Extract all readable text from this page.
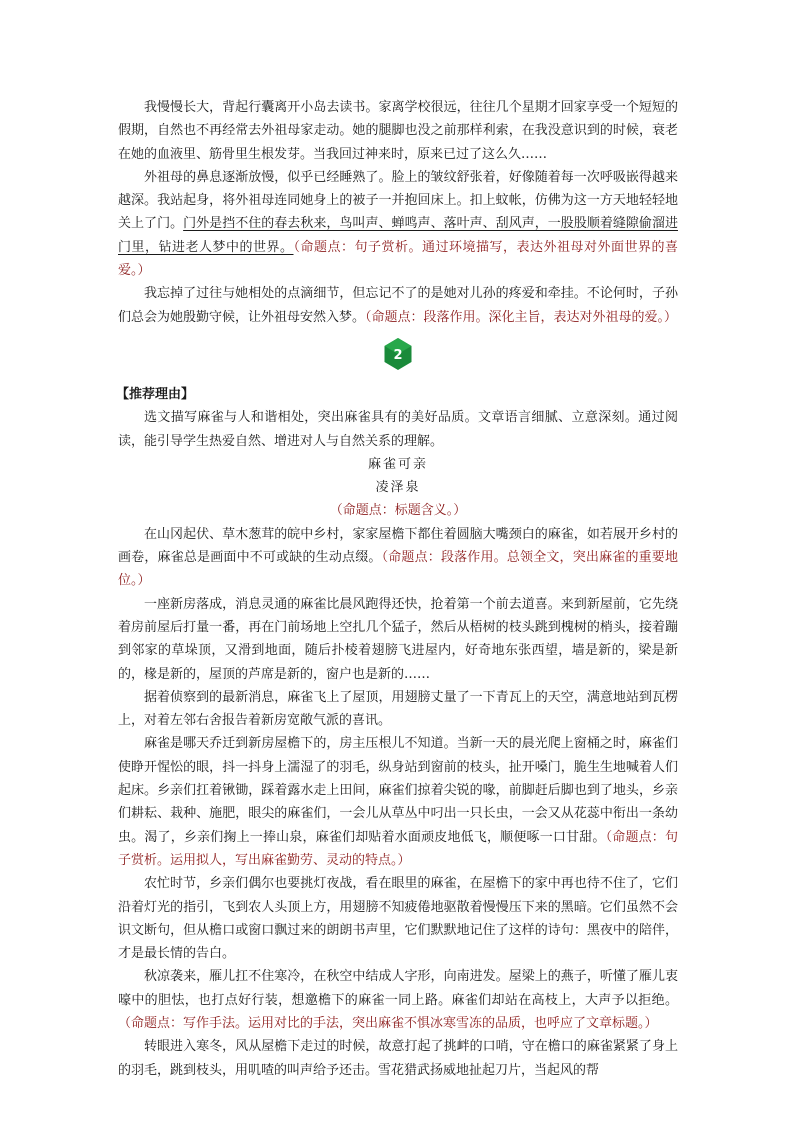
我慢慢长大，背起行囊离开小岛去读书。家离学校很远，往往几个星期才回家享受一个短短的假期，自然也不再经常去外祖母家走动。她的腿脚也没之前那样利索，在我没意识到的时候，衰老在她的血液里、筋骨里生根发芽。当我回过神来时，原来已过了这么久……

外祖母的鼻息逐渐放慢，似乎已经睡熟了。脸上的皱纹舒张着，好像随着每一次呼吸嵌得越来越深。我站起身，将外祖母连同她身上的被子一并抱回床上。扣上蚊帐，仿佛为这一方天地轻轻地关上了门。门外是挡不住的春去秋来，鸟叫声、蝉鸣声、落叶声、刮风声，一股股顺着缝隙偷溜进门里，钻进老人梦中的世界。（命题点：句子赏析。通过环境描写，表达外祖母对外面世界的喜爱。）

我忘掉了过往与她相处的点滴细节，但忘记不了的是她对儿孙的疼爱和牵挂。不论何时，子孙们总会为她殷勤守候，让外祖母安然入梦。（命题点：段落作用。深化主旨，表达对外祖母的爱。）

2

【推荐理由】

选文描写麻雀与人和谐相处，突出麻雀具有的美好品质。文章语言细腻、立意深刻。通过阅读，能引导学生热爱自然、增进对人与自然关系的理解。

麻雀可亲

凌泽泉

（命题点：标题含义。）

在山冈起伏、草木葱茸的皖中乡村，家家屋檐下都住着圆脑大嘴颈白的麻雀，如若展开乡村的画卷，麻雀总是画面中不可或缺的生动点缀。（命题点：段落作用。总领全文，突出麻雀的重要地位。）

一座新房落成，消息灵通的麻雀比晨风跑得还快，抢着第一个前去道喜。来到新屋前，它先绕着房前屋后打量一番，再在门前场地上空扎几个猛子，然后从梧树的枝头跳到槐树的梢头，接着蹦到邻家的草垛顶，又滑到地面，随后扑棱着翅膀飞进屋内，好奇地东张西望，墙是新的，梁是新的，椽是新的，屋顶的芦席是新的，窗户也是新的……

据着侦察到的最新消息，麻雀飞上了屋顶，用翅膀丈量了一下青瓦上的天空，满意地站到瓦楞上，对着左邻右舍报告着新房宽敞气派的喜讯。

麻雀是哪天乔迁到新房屋檐下的，房主压根儿不知道。当新一天的晨光爬上窗桶之时，麻雀们使睁开惺忪的眼，抖一抖身上濡湿了的羽毛，纵身站到窗前的枝头，扯开嗓门，脆生生地喊着人们起床。乡亲们扛着锹锄，踩着露水走上田间，麻雀们掠着尖锐的喙，前脚赶后脚也到了地头，乡亲们耕耘、栽种、施肥，眼尖的麻雀们，一会儿从草丛中叼出一只长虫，一会又从花蕊中衔出一条幼虫。渴了，乡亲们掬上一捧山泉，麻雀们却贴着水面顽皮地低飞，顺便啄一口甘甜。（命题点：句子赏析。运用拟人，写出麻雀勤劳、灵动的特点。）

农忙时节，乡亲们偶尔也要挑灯夜战，看在眼里的麻雀，在屋檐下的家中再也待不住了，它们沿着灯光的指引，飞到农人头顶上方，用翅膀不知疲倦地驱散着慢慢压下来的黑暗。它们虽然不会识文断句，但从檐口或窗口飘过来的朗朗书声里，它们默默地记住了这样的诗句：黑夜中的陪伴，才是最长情的告白。

秋凉袭来，雁儿扛不住寒冷，在秋空中结成人字形，向南进发。屋梁上的燕子，听懂了雁儿衷嚎中的胆怯，也打点好行装，想邀檐下的麻雀一同上路。麻雀们却站在高枝上，大声予以拒绝。（命题点：写作手法。运用对比的手法，突出麻雀不惧冰寒雪冻的品质，也呼应了文章标题。）

转眼进入寒冬，风从屋檐下走过的时候，故意打起了挑衅的口哨，守在檐口的麻雀紧紧了身上的羽毛，跳到枝头，用叽喳的叫声给予还击。雪花猎武扬威地扯起刀片，当起风的帮
